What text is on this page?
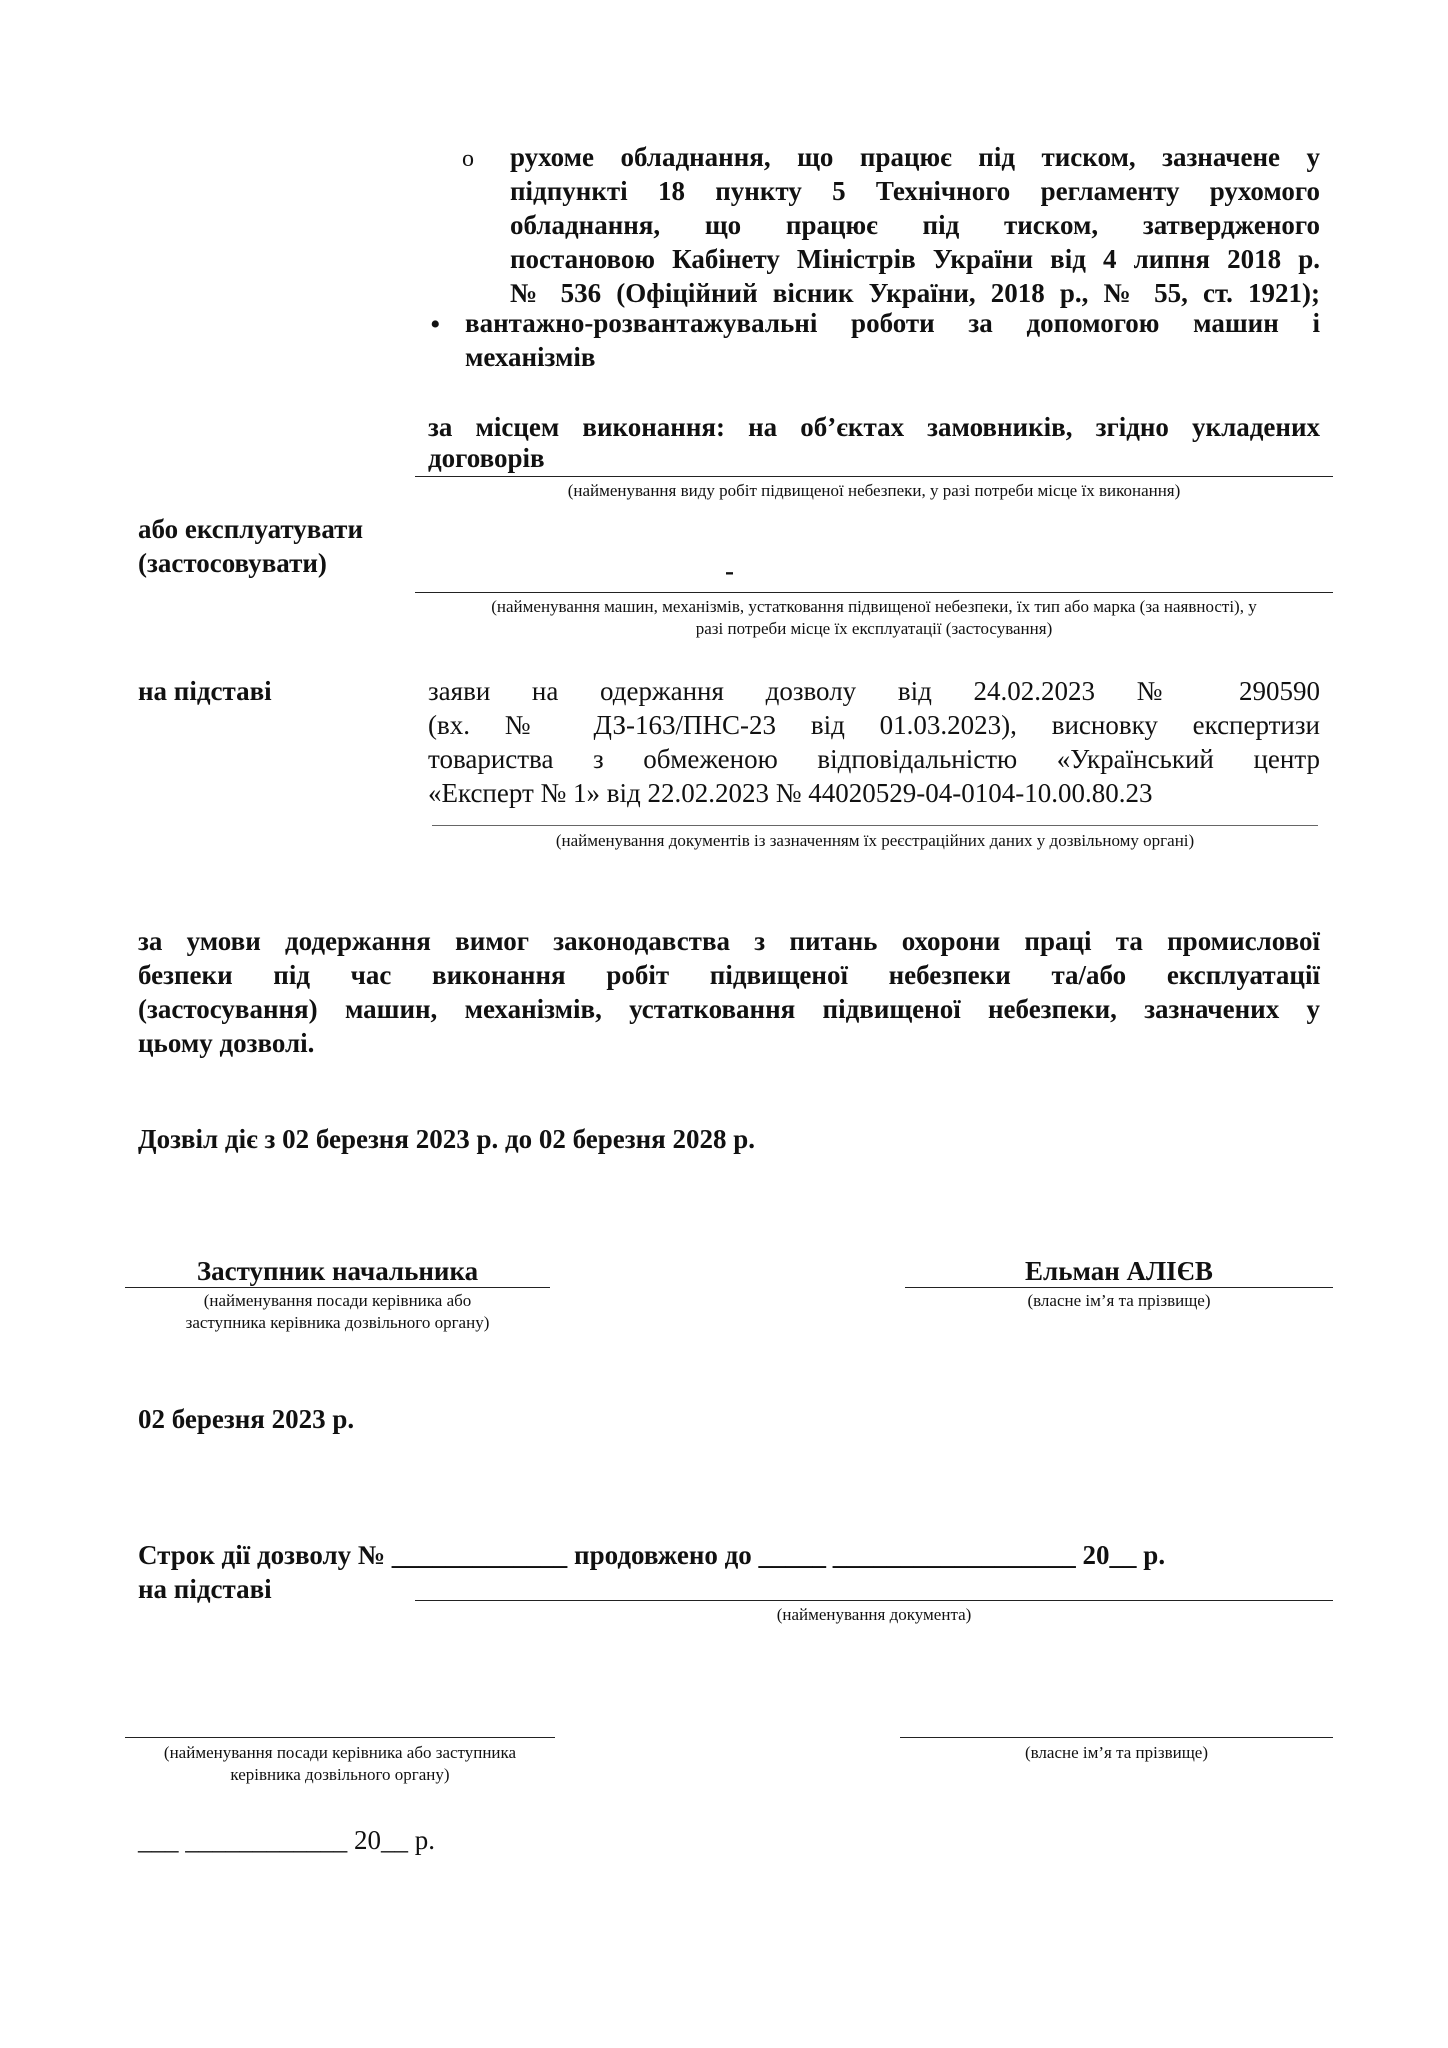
o рухоме обладнання, що працює під тиском, зазначене у
підпункті 18 пункту 5 Технічного регламенту рухомого
обладнання, що працює під тиском, затвердженого
постановою Кабінету Міністрів України від 4 липня 2018 р.
№ 536 (Офіційний вісник України, 2018 р., № 55, ст. 1921);
• вантажно-розвантажувальні роботи за допомогою машин і
механізмів
за місцем виконання: на об’єктах замовників, згідно укладених
договорів
(найменування виду робіт підвищеної небезпеки, у разі потреби місце їх виконання)
або експлуатувати
(застосовувати)	-
(найменування машин, механізмів, устатковання підвищеної небезпеки, їх тип або марка (за наявності), у
разі потреби місце їх експлуатації (застосування)
на підставі	заяви на одержання дозволу від 24.02.2023 № 290590
(вх. № ДЗ-163/ПНС-23 від 01.03.2023), висновку експертизи
товариства з обмеженою відповідальністю «Український центр
«Експерт № 1» від 22.02.2023 № 44020529-04-0104-10.00.80.23
(найменування документів із зазначенням їх реєстраційних даних у дозвільному органі)
за умови додержання вимог законодавства з питань охорони праці та промислової
безпеки під час виконання робіт підвищеної небезпеки та/або експлуатації
(застосування) машин, механізмів, устатковання підвищеної небезпеки, зазначених у
цьому дозволі.
Дозвіл діє з 02 березня 2023 р. до 02 березня 2028 р.
Заступник начальника
(найменування посади керівника або
заступника керівника дозвільного органу)
Ельман АЛІЄВ
(власне ім’я та прізвище)
02 березня 2023 р.
Строк дії дозволу № _____________ продовжено до _____ __________________ 20__ р.
на підставі
(найменування документа)
(найменування посади керівника або заступника
керівника дозвільного органу)
(власне ім’я та прізвище)
___ ____________ 20__ р.
